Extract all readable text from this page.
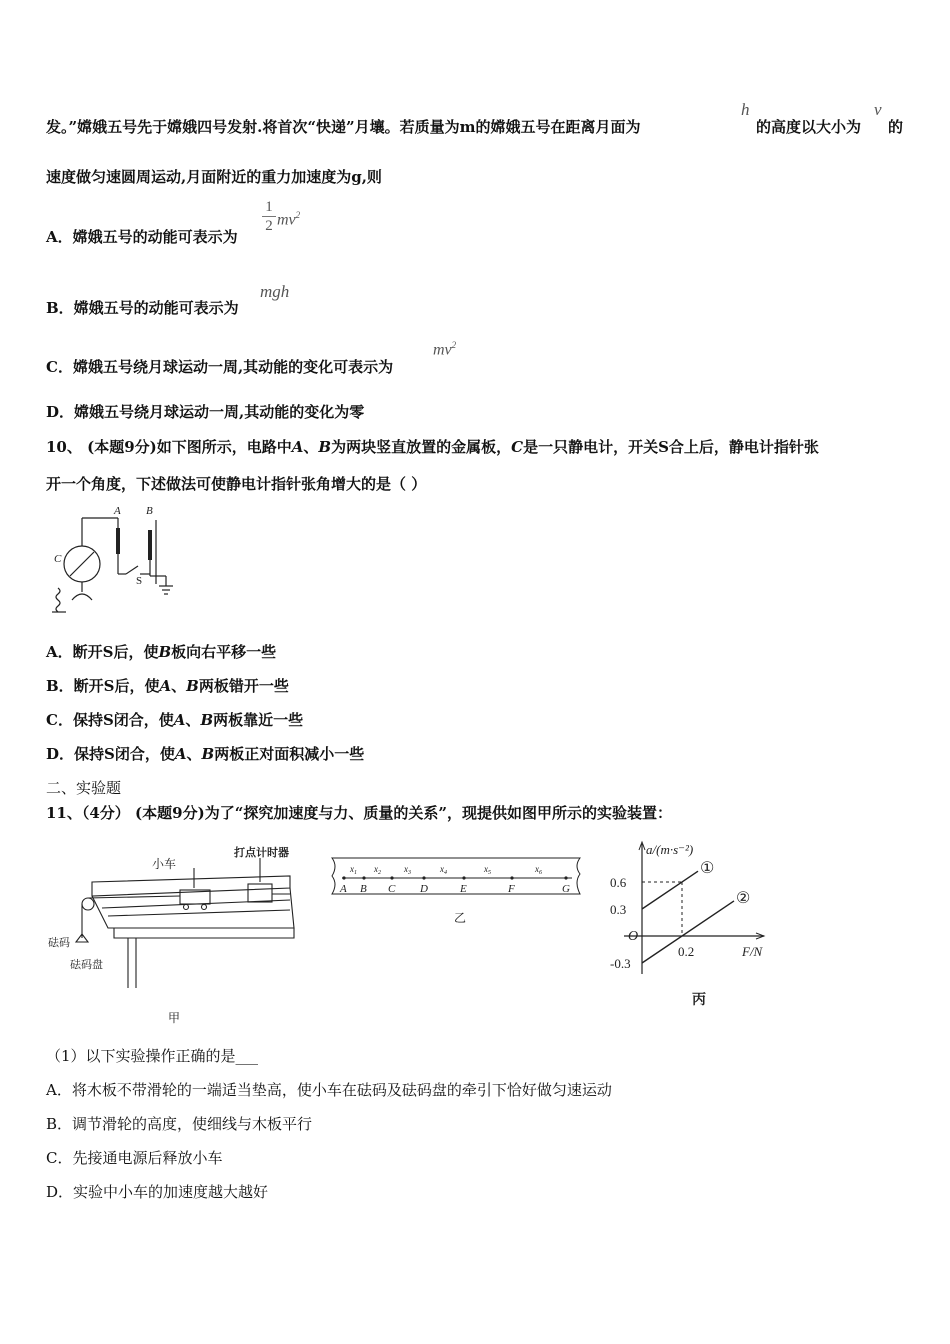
发。”嫦娥五号先于嫦娥四号发射.将首次“快递”月壤。若质量为m的嫦娥五号在距离月面为
h
的高度以大小为
v
的
速度做匀速圆周运动,月面附近的重力加速度为g,则
A．嫦娥五号的动能可表示为
1
2 $mv^2$
B．嫦娥五号的动能可表示为
mgh
C．嫦娥五号绕月球运动一周,其动能的变化可表示为
$mv^2$
D．嫦娥五号绕月球运动一周,其动能的变化为零
10、 (本题9分)如下图所示，电路中A、B为两块竖直放置的金属板，C是一只静电计，开关S合上后，静电计指针张
开一个角度，下述做法可使静电计指针张角增大的是（ ）
A B
C
S
A．断开S后，使B板向右平移一些
B．断开S后，使A、B两板错开一些
C．保持S闭合，使A、B两板靠近一些
D．保持S闭合，使A、B两板正对面积减小一些
二、实验题
11、（4分） (本题9分)为了“探究加速度与力、质量的关系”，现提供如图甲所示的实验装置：
小车
打点计时器
砝码
砝码盘
甲
A B C D	E	F	G
$x_1$ $x_2$	$x_3$	$x_4$	$x_5$	$x_6$
乙
a/(m·s⁻²)
F/N
O
0.6
0.3
-0.3
0.2
①
②
丙
（1）以下实验操作正确的是___
A．将木板不带滑轮的一端适当垫高，使小车在砝码及砝码盘的牵引下恰好做匀速运动
B．调节滑轮的高度，使细线与木板平行
C．先接通电源后释放小车
D．实验中小车的加速度越大越好
